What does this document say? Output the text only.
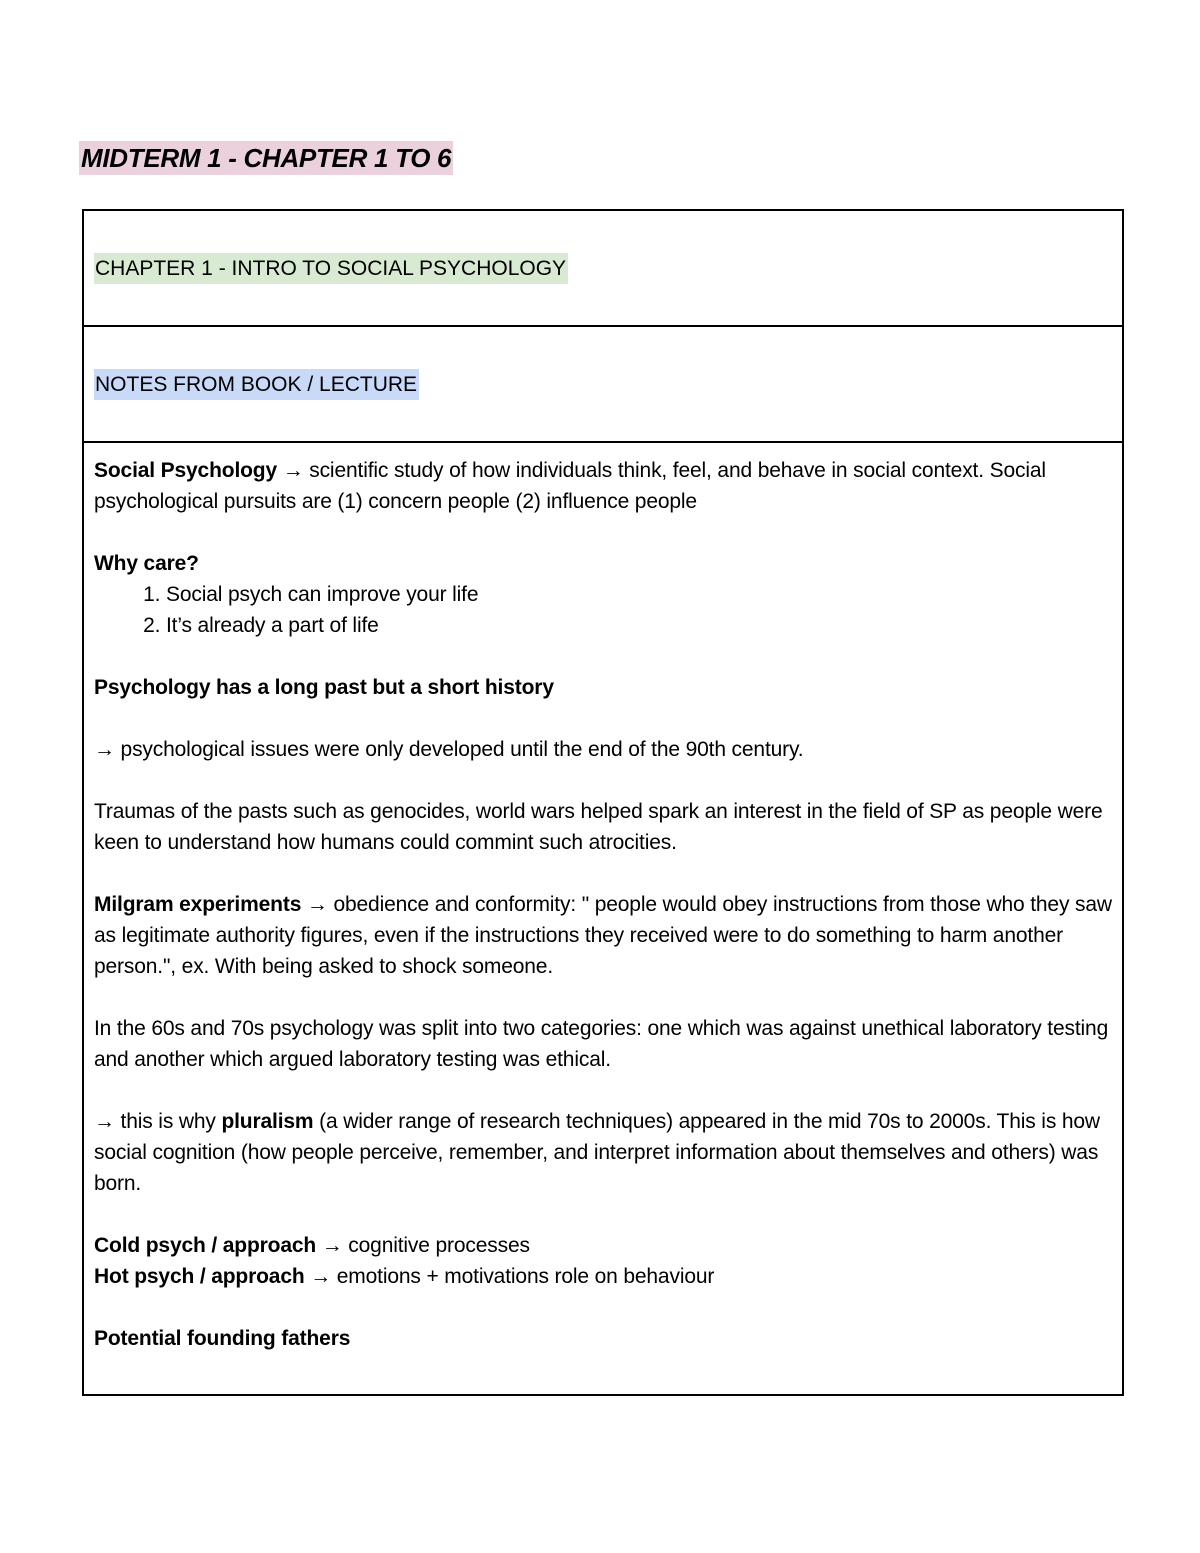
MIDTERM 1 - CHAPTER 1 TO 6
CHAPTER 1 - INTRO TO SOCIAL PSYCHOLOGY
NOTES FROM BOOK / LECTURE

Social Psychology → scientific study of how individuals think, feel, and behave in social context. Social psychological pursuits are (1) concern people (2) influence people

Why care?

1. Social psych can improve your life
2. It’s already a part of life

Psychology has a long past but a short history

→ psychological issues were only developed until the end of the 90th century.

Traumas of the pasts such as genocides, world wars helped spark an interest in the field of SP as people were keen to understand how humans could commint such atrocities.

Milgram experiments → obedience and conformity: " people would obey instructions from those who they saw as legitimate authority figures, even if the instructions they received were to do something to harm another person.", ex. With being asked to shock someone.

In the 60s and 70s psychology was split into two categories: one which was against unethical laboratory testing and another which argued laboratory testing was ethical.

→ this is why pluralism (a wider range of research techniques) appeared in the mid 70s to 2000s. This is how social cognition (how people perceive, remember, and interpret information about themselves and others) was born.

Cold psych / approach → cognitive processes

Hot psych / approach → emotions + motivations role on behaviour

Potential founding fathers
